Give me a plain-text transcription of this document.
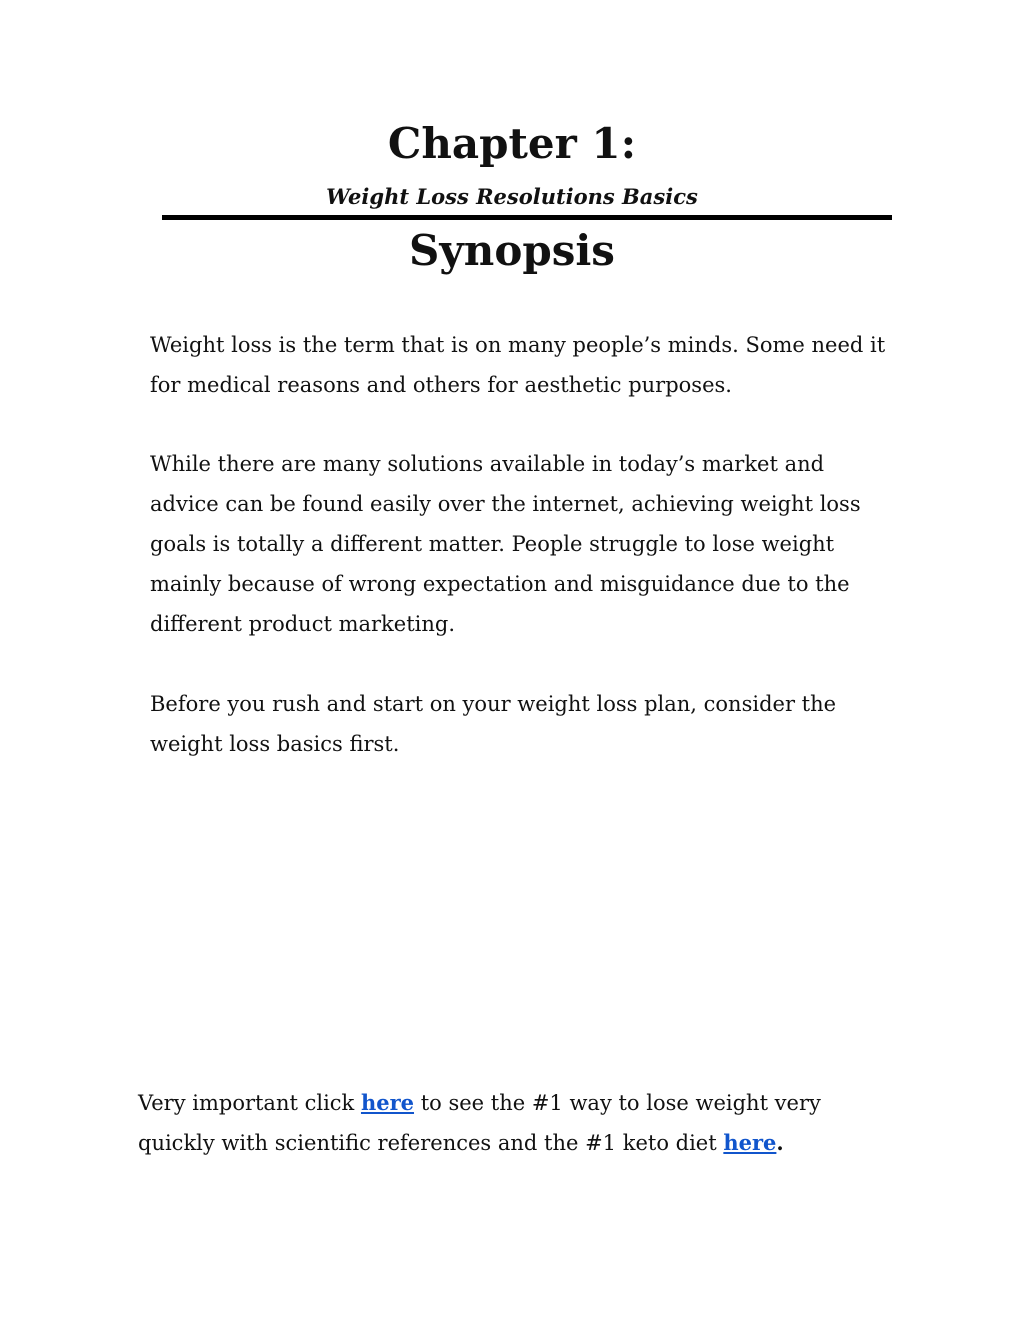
Chapter 1:
Weight Loss Resolutions Basics
Synopsis

Weight loss is the term that is on many people’s minds. Some need it for medical reasons and others for aesthetic purposes.

While there are many solutions available in today’s market and advice can be found easily over the internet, achieving weight loss goals is totally a different matter. People struggle to lose weight mainly because of wrong expectation and misguidance due to the different product marketing.

Before you rush and start on your weight loss plan, consider the weight loss basics first.

Very important click here to see the #1 way to lose weight very quickly with scientific references and the #1 keto diet here.
